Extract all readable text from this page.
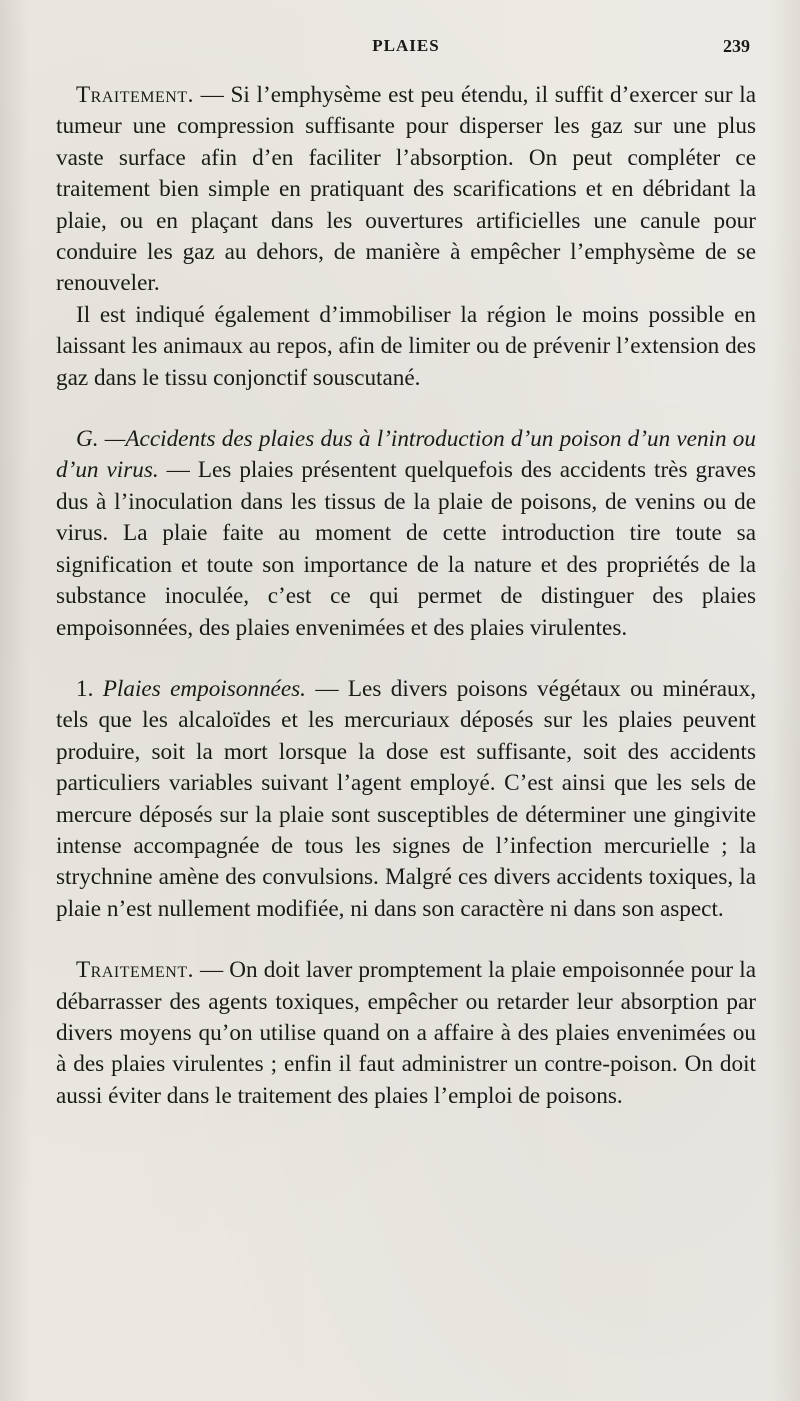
PLAIES	239

Traitement. — Si l’emphysème est peu étendu, il suffit d’exercer sur la tumeur une compression suffisante pour disperser les gaz sur une plus vaste surface afin d’en faciliter l’absorption. On peut compléter ce traitement bien simple en pratiquant des scarifications et en débridant la plaie, ou en plaçant dans les ouvertures artificielles une canule pour conduire les gaz au dehors, de manière à empêcher l’emphysème de se renouveler.

Il est indiqué également d’immobiliser la région le moins possible en laissant les animaux au repos, afin de limiter ou de prévenir l’extension des gaz dans le tissu conjonctif souscutané.

G. —Accidents des plaies dus à l’introduction d’un poison d’un venin ou d’un virus. — Les plaies présentent quelquefois des accidents très graves dus à l’inoculation dans les tissus de la plaie de poisons, de venins ou de virus. La plaie faite au moment de cette introduction tire toute sa signification et toute son importance de la nature et des propriétés de la substance inoculée, c’est ce qui permet de distinguer des plaies empoisonnées, des plaies envenimées et des plaies virulentes.

1. Plaies empoisonnées. — Les divers poisons végétaux ou minéraux, tels que les alcaloïdes et les mercuriaux déposés sur les plaies peuvent produire, soit la mort lorsque la dose est suffisante, soit des accidents particuliers variables suivant l’agent employé. C’est ainsi que les sels de mercure déposés sur la plaie sont susceptibles de déterminer une gingivite intense accompagnée de tous les signes de l’infection mercurielle ; la strychnine amène des convulsions. Malgré ces divers accidents toxiques, la plaie n’est nullement modifiée, ni dans son caractère ni dans son aspect.

Traitement. — On doit laver promptement la plaie empoisonnée pour la débarrasser des agents toxiques, empêcher ou retarder leur absorption par divers moyens qu’on utilise quand on a affaire à des plaies envenimées ou à des plaies virulentes ; enfin il faut administrer un contre-poison. On doit aussi éviter dans le traitement des plaies l’emploi de poisons.
